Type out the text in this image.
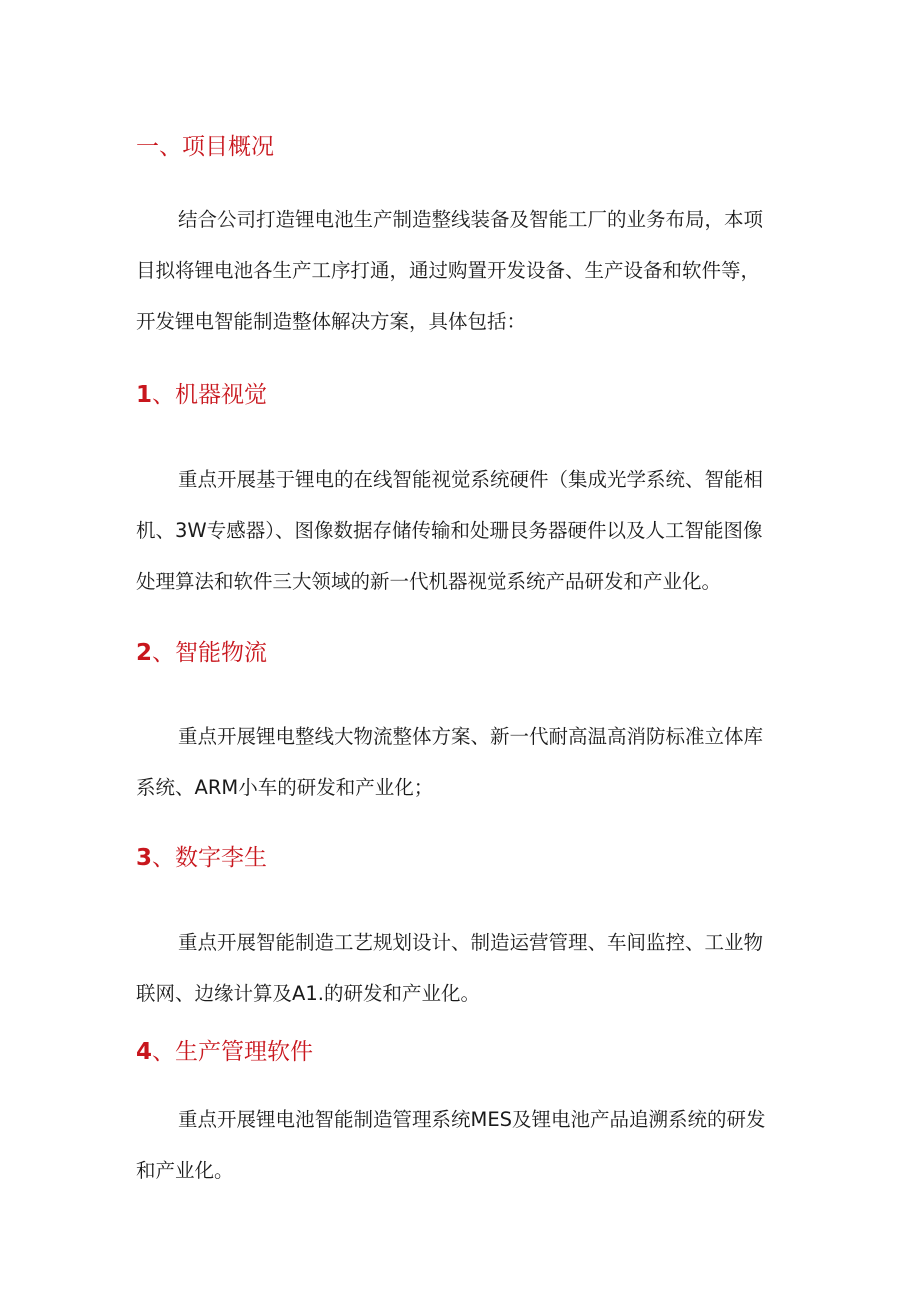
一、项目概况
结合公司打造锂电池生产制造整线装备及智能工厂的业务布局，本项
目拟将锂电池各生产工序打通，通过购置开发设备、生产设备和软件等，
开发锂电智能制造整体解决方案，具体包括：
1、机器视觉
重点开展基于锂电的在线智能视觉系统硬件（集成光学系统、智能相
机、3W专感器）、图像数据存储传输和处珊艮务器硬件以及人工智能图像
处理算法和软件三大领域的新一代机器视觉系统产品研发和产业化。
2、智能物流
重点开展锂电整线大物流整体方案、新一代耐高温高消防标准立体库
系统、ARM小车的研发和产业化；
3、数字李生
重点开展智能制造工艺规划设计、制造运营管理、车间监控、工业物
联网、边缘计算及A1.的研发和产业化。
4、生产管理软件
重点开展锂电池智能制造管理系统MES及锂电池产品追溯系统的研发
和产业化。
